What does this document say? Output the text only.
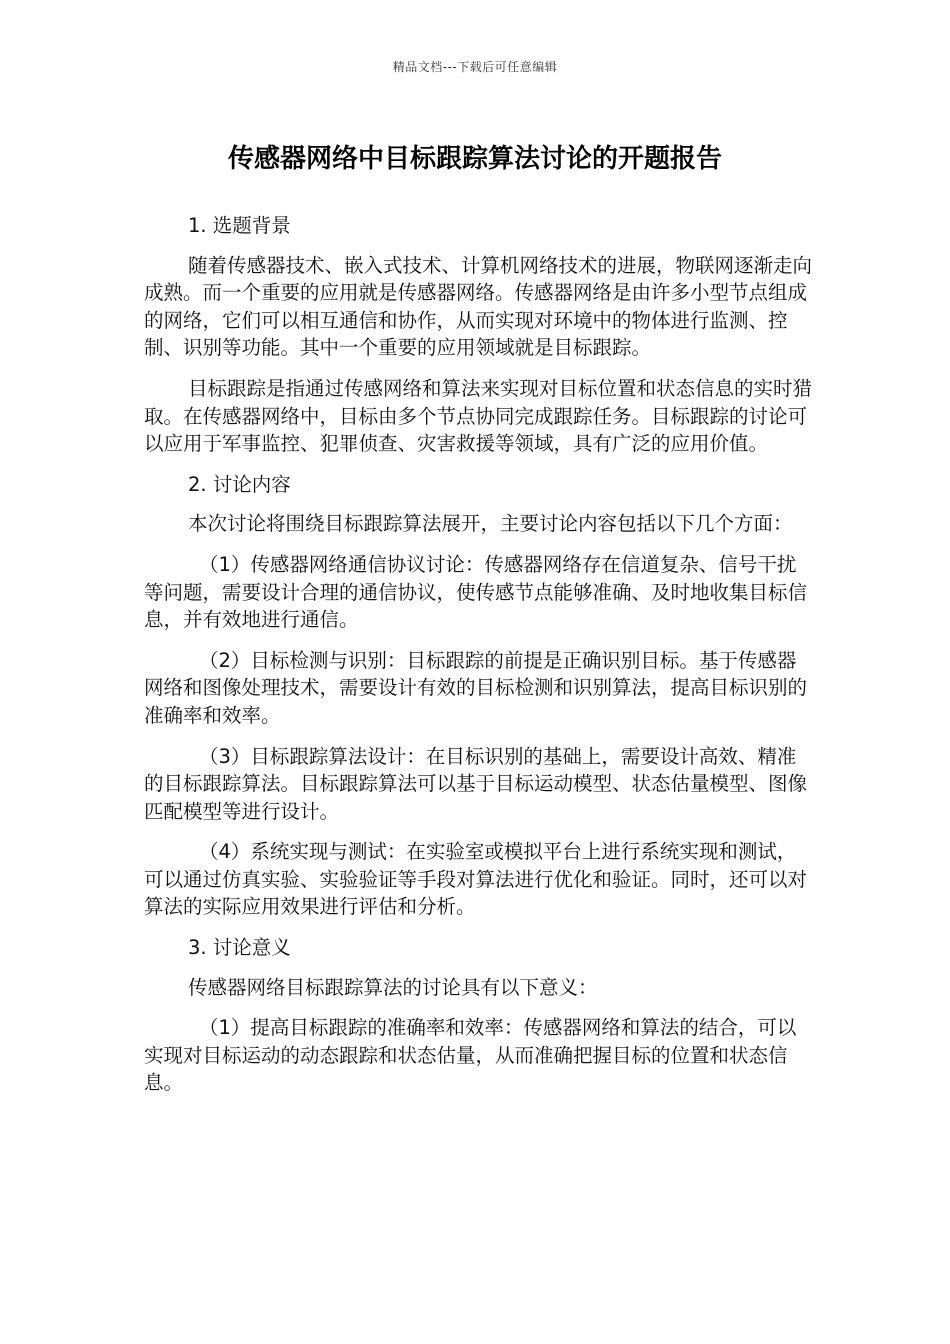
精品文档---下载后可任意编辑
传感器网络中目标跟踪算法讨论的开题报告

1. 选题背景

随着传感器技术、嵌入式技术、计算机网络技术的进展，物联网逐渐走向成熟。而一个重要的应用就是传感器网络。传感器网络是由许多小型节点组成的网络，它们可以相互通信和协作，从而实现对环境中的物体进行监测、控制、识别等功能。其中一个重要的应用领域就是目标跟踪。

目标跟踪是指通过传感网络和算法来实现对目标位置和状态信息的实时猎取。在传感器网络中，目标由多个节点协同完成跟踪任务。目标跟踪的讨论可以应用于军事监控、犯罪侦查、灾害救援等领域，具有广泛的应用价值。

2. 讨论内容

本次讨论将围绕目标跟踪算法展开，主要讨论内容包括以下几个方面：

（1）传感器网络通信协议讨论：传感器网络存在信道复杂、信号干扰等问题，需要设计合理的通信协议，使传感节点能够准确、及时地收集目标信息，并有效地进行通信。

（2）目标检测与识别：目标跟踪的前提是正确识别目标。基于传感器网络和图像处理技术，需要设计有效的目标检测和识别算法，提高目标识别的准确率和效率。

（3）目标跟踪算法设计：在目标识别的基础上，需要设计高效、精准的目标跟踪算法。目标跟踪算法可以基于目标运动模型、状态估量模型、图像匹配模型等进行设计。

（4）系统实现与测试：在实验室或模拟平台上进行系统实现和测试，可以通过仿真实验、实验验证等手段对算法进行优化和验证。同时，还可以对算法的实际应用效果进行评估和分析。

3. 讨论意义

传感器网络目标跟踪算法的讨论具有以下意义：

（1）提高目标跟踪的准确率和效率：传感器网络和算法的结合，可以实现对目标运动的动态跟踪和状态估量，从而准确把握目标的位置和状态信息。
